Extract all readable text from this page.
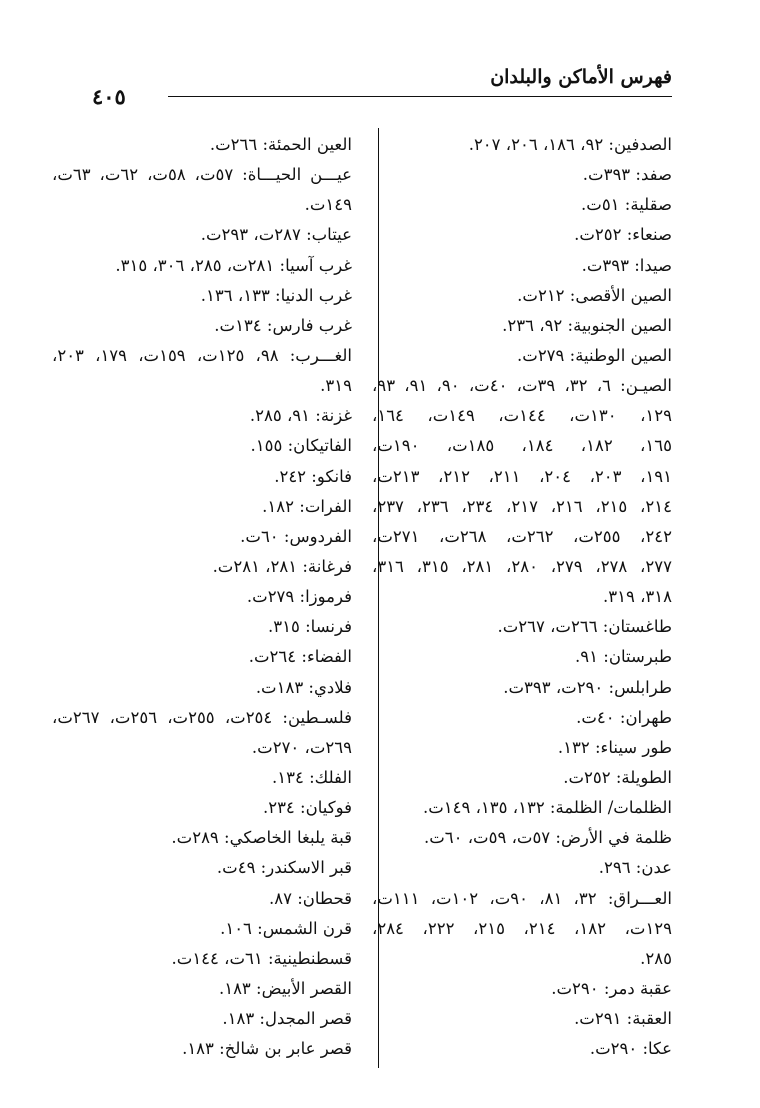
فهرس الأماكن والبلدان
٤٠٥
الصدفين: ٩٢، ١٨٦، ٢٠٦، ٢٠٧.
صفد: ٣٩٣ت.
صقلية: ٥١ت.
صنعاء: ٢٥٢ت.
صيدا: ٣٩٣ت.
الصين الأقصى: ٢١٢ت.
الصين الجنوبية: ٩٢، ٢٣٦.
الصين الوطنية: ٢٧٩ت.
الصيـن: ٦، ٣٢، ٣٩ت، ٤٠ت، ٩٠، ٩١، ٩٣،
١٢٩، ١٣٠ت، ١٤٤ت، ١٤٩ت، ١٦٤،
١٦٥، ١٨٢، ١٨٤، ١٨٥ت، ١٩٠ت،
١٩١، ٢٠٣، ٢٠٤، ٢١١، ٢١٢، ٢١٣ت،
٢١٤، ٢١٥، ٢١٦، ٢١٧، ٢٣٤، ٢٣٦، ٢٣٧،
٢٤٢، ٢٥٥ت، ٢٦٢ت، ٢٦٨ت، ٢٧١ت،
٢٧٧، ٢٧٨، ٢٧٩، ٢٨٠، ٢٨١، ٣١٥، ٣١٦،
٣١٨، ٣١٩.
طاغستان: ٢٦٦ت، ٢٦٧ت.
طبرستان: ٩١.
طرابلس: ٢٩٠ت، ٣٩٣ت.
طهران: ٤٠ت.
طور سيناء: ١٣٢.
الطويلة: ٢٥٢ت.
الظلمات/ الظلمة: ١٣٢، ١٣٥، ١٤٩ت.
ظلمة في الأرض: ٥٧ت، ٥٩ت، ٦٠ت.
عدن: ٢٩٦.
العـــراق: ٣٢، ٨١، ٩٠ت، ١٠٢ت، ١١١ت،
١٢٩ت، ١٨٢، ٢١٤، ٢١٥، ٢٢٢، ٢٨٤،
٢٨٥.
عقبة دمر: ٢٩٠ت.
العقبة: ٢٩١ت.
عكا: ٢٩٠ت.
العين الحمئة: ٢٦٦ت.
عيـــن الحيـــاة: ٥٧ت، ٥٨ت، ٦٢ت، ٦٣ت،
١٤٩ت.
عيتاب: ٢٨٧ت، ٢٩٣ت.
غرب آسيا: ٢٨١ت، ٢٨٥، ٣٠٦، ٣١٥.
غرب الدنيا: ١٣٣، ١٣٦.
غرب فارس: ١٣٤ت.
الغـــرب: ٩٨، ١٢٥ت، ١٥٩ت، ١٧٩، ٢٠٣،
٣١٩.
غزنة: ٩١، ٢٨٥.
الفاتيكان: ١٥٥.
فانكو: ٢٤٢.
الفرات: ١٨٢.
الفردوس: ٦٠ت.
فرغانة: ٢٨١، ٢٨١ت.
فرموزا: ٢٧٩ت.
فرنسا: ٣١٥.
الفضاء: ٢٦٤ت.
فلادي: ١٨٣ت.
فلسـطين: ٢٥٤ت، ٢٥٥ت، ٢٥٦ت، ٢٦٧ت،
٢٦٩ت، ٢٧٠ت.
الفلك: ١٣٤.
فوكيان: ٢٣٤.
قبة يلبغا الخاصكي: ٢٨٩ت.
قبر الاسكندر: ٤٩ت.
قحطان: ٨٧.
قرن الشمس: ١٠٦.
قسطنطينية: ٦١ت، ١٤٤ت.
القصر الأبيض: ١٨٣.
قصر المجدل: ١٨٣.
قصر عابر بن شالخ: ١٨٣.
